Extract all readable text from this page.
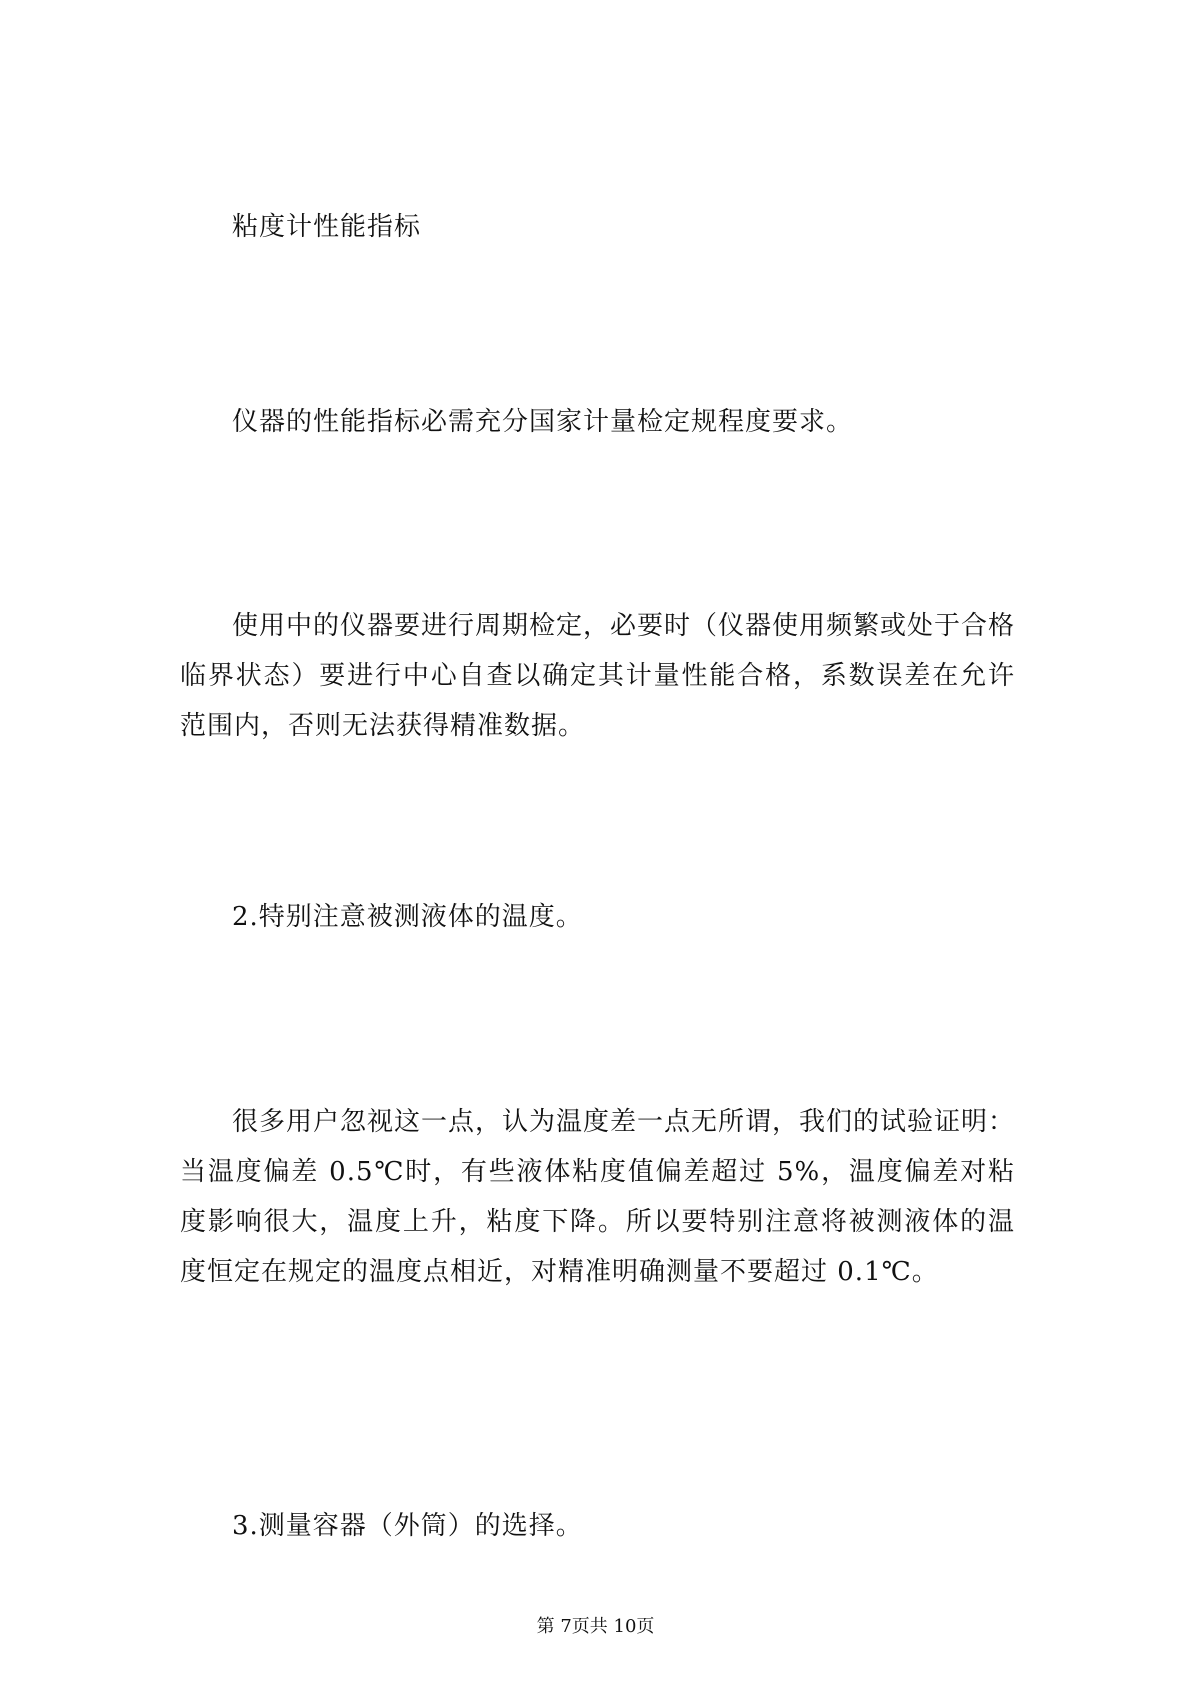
粘度计性能指标

仪器的性能指标必需充分国家计量检定规程度要求。

使用中的仪器要进行周期检定，必要时（仪器使用频繁或处于合格临界状态）要进行中心自查以确定其计量性能合格，系数误差在允许范围内，否则无法获得精准数据。

2.特别注意被测液体的温度。

很多用户忽视这一点，认为温度差一点无所谓，我们的试验证明：当温度偏差 0.5℃时，有些液体粘度值偏差超过 5%，温度偏差对粘度影响很大，温度上升，粘度下降。所以要特别注意将被测液体的温度恒定在规定的温度点相近，对精准明确测量不要超过 0.1℃。

3.测量容器（外筒）的选择。

第 7页共 10页
